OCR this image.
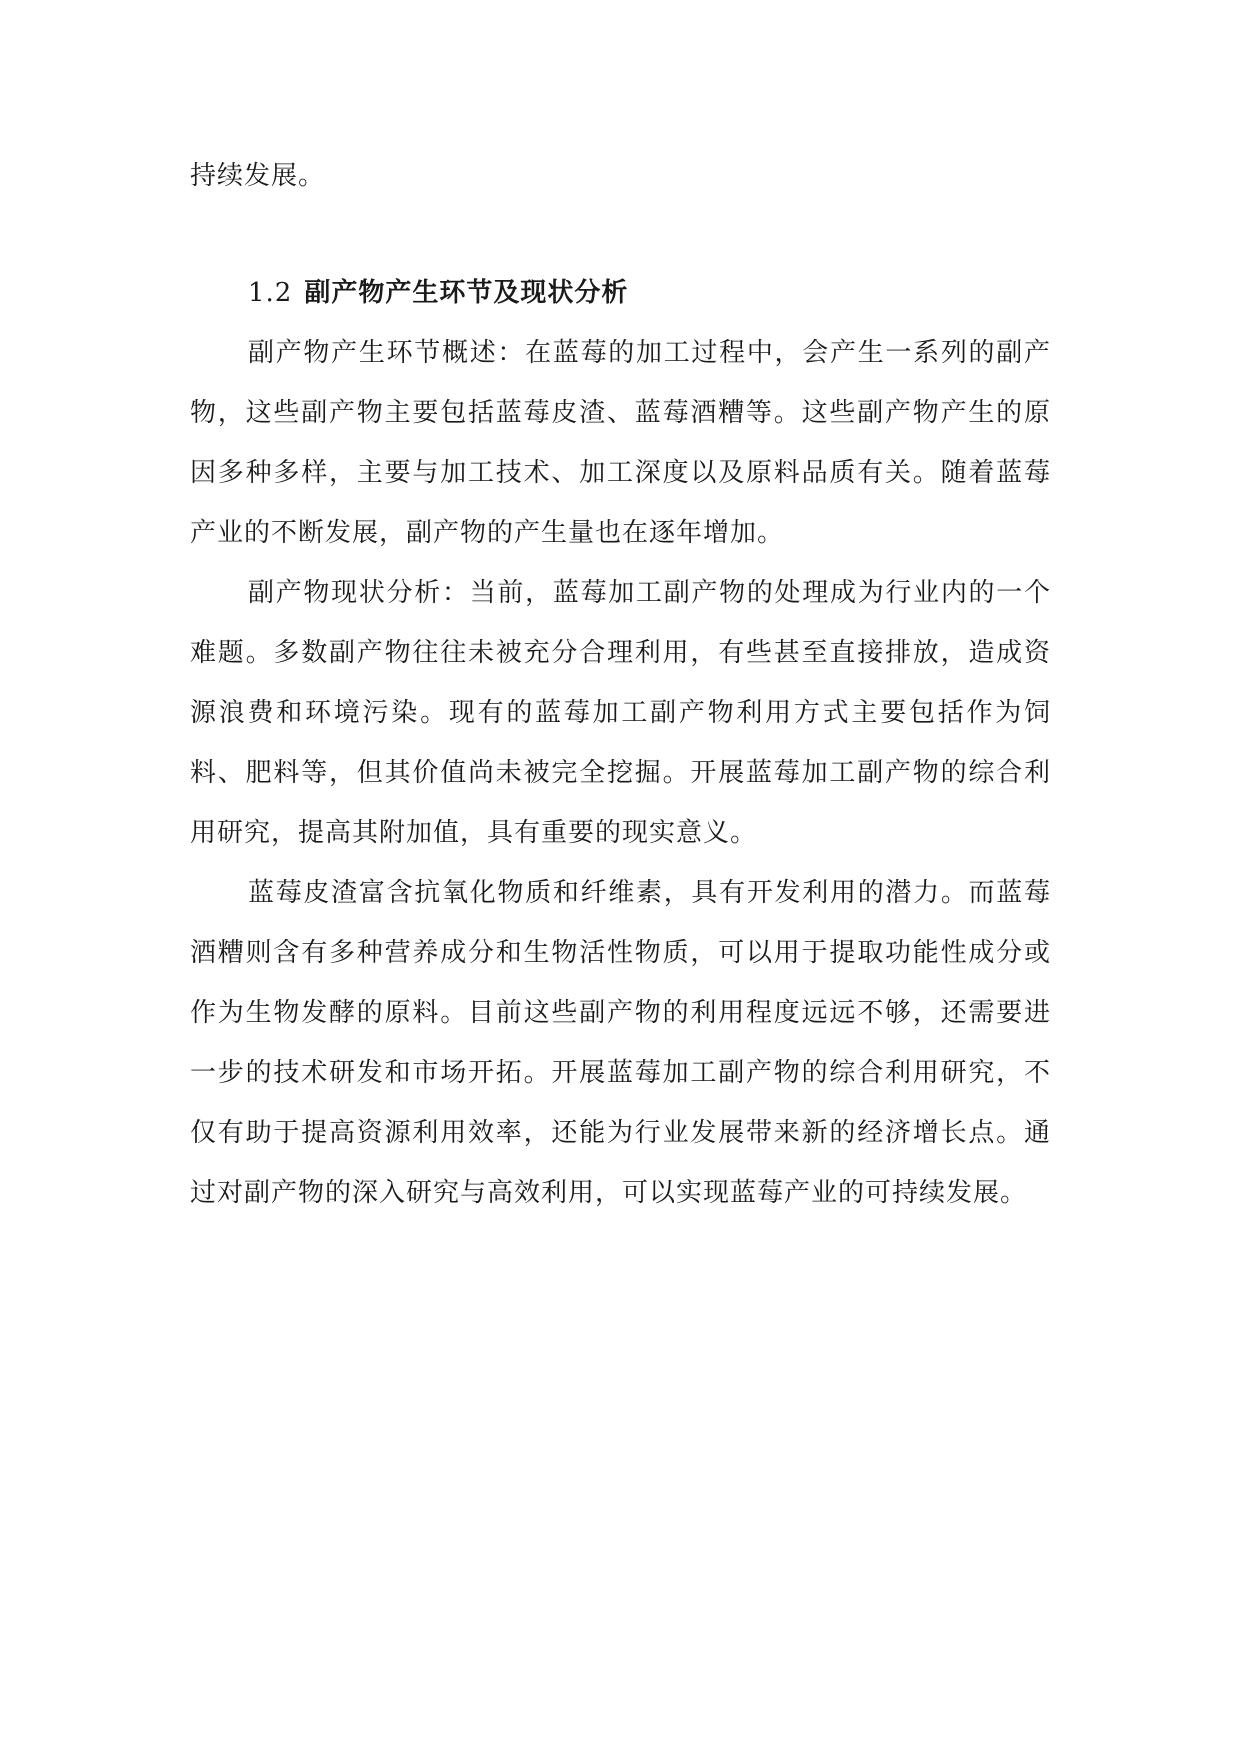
持续发展。

1.2 副产物产生环节及现状分析

副产物产生环节概述：在蓝莓的加工过程中，会产生一系列的副产物，这些副产物主要包括蓝莓皮渣、蓝莓酒糟等。这些副产物产生的原因多种多样，主要与加工技术、加工深度以及原料品质有关。随着蓝莓产业的不断发展，副产物的产生量也在逐年增加。

副产物现状分析：当前，蓝莓加工副产物的处理成为行业内的一个难题。多数副产物往往未被充分合理利用，有些甚至直接排放，造成资源浪费和环境污染。现有的蓝莓加工副产物利用方式主要包括作为饲料、肥料等，但其价值尚未被完全挖掘。开展蓝莓加工副产物的综合利用研究，提高其附加值，具有重要的现实意义。

蓝莓皮渣富含抗氧化物质和纤维素，具有开发利用的潜力。而蓝莓酒糟则含有多种营养成分和生物活性物质，可以用于提取功能性成分或作为生物发酵的原料。目前这些副产物的利用程度远远不够，还需要进一步的技术研发和市场开拓。开展蓝莓加工副产物的综合利用研究，不仅有助于提高资源利用效率，还能为行业发展带来新的经济增长点。通过对副产物的深入研究与高效利用，可以实现蓝莓产业的可持续发展。
